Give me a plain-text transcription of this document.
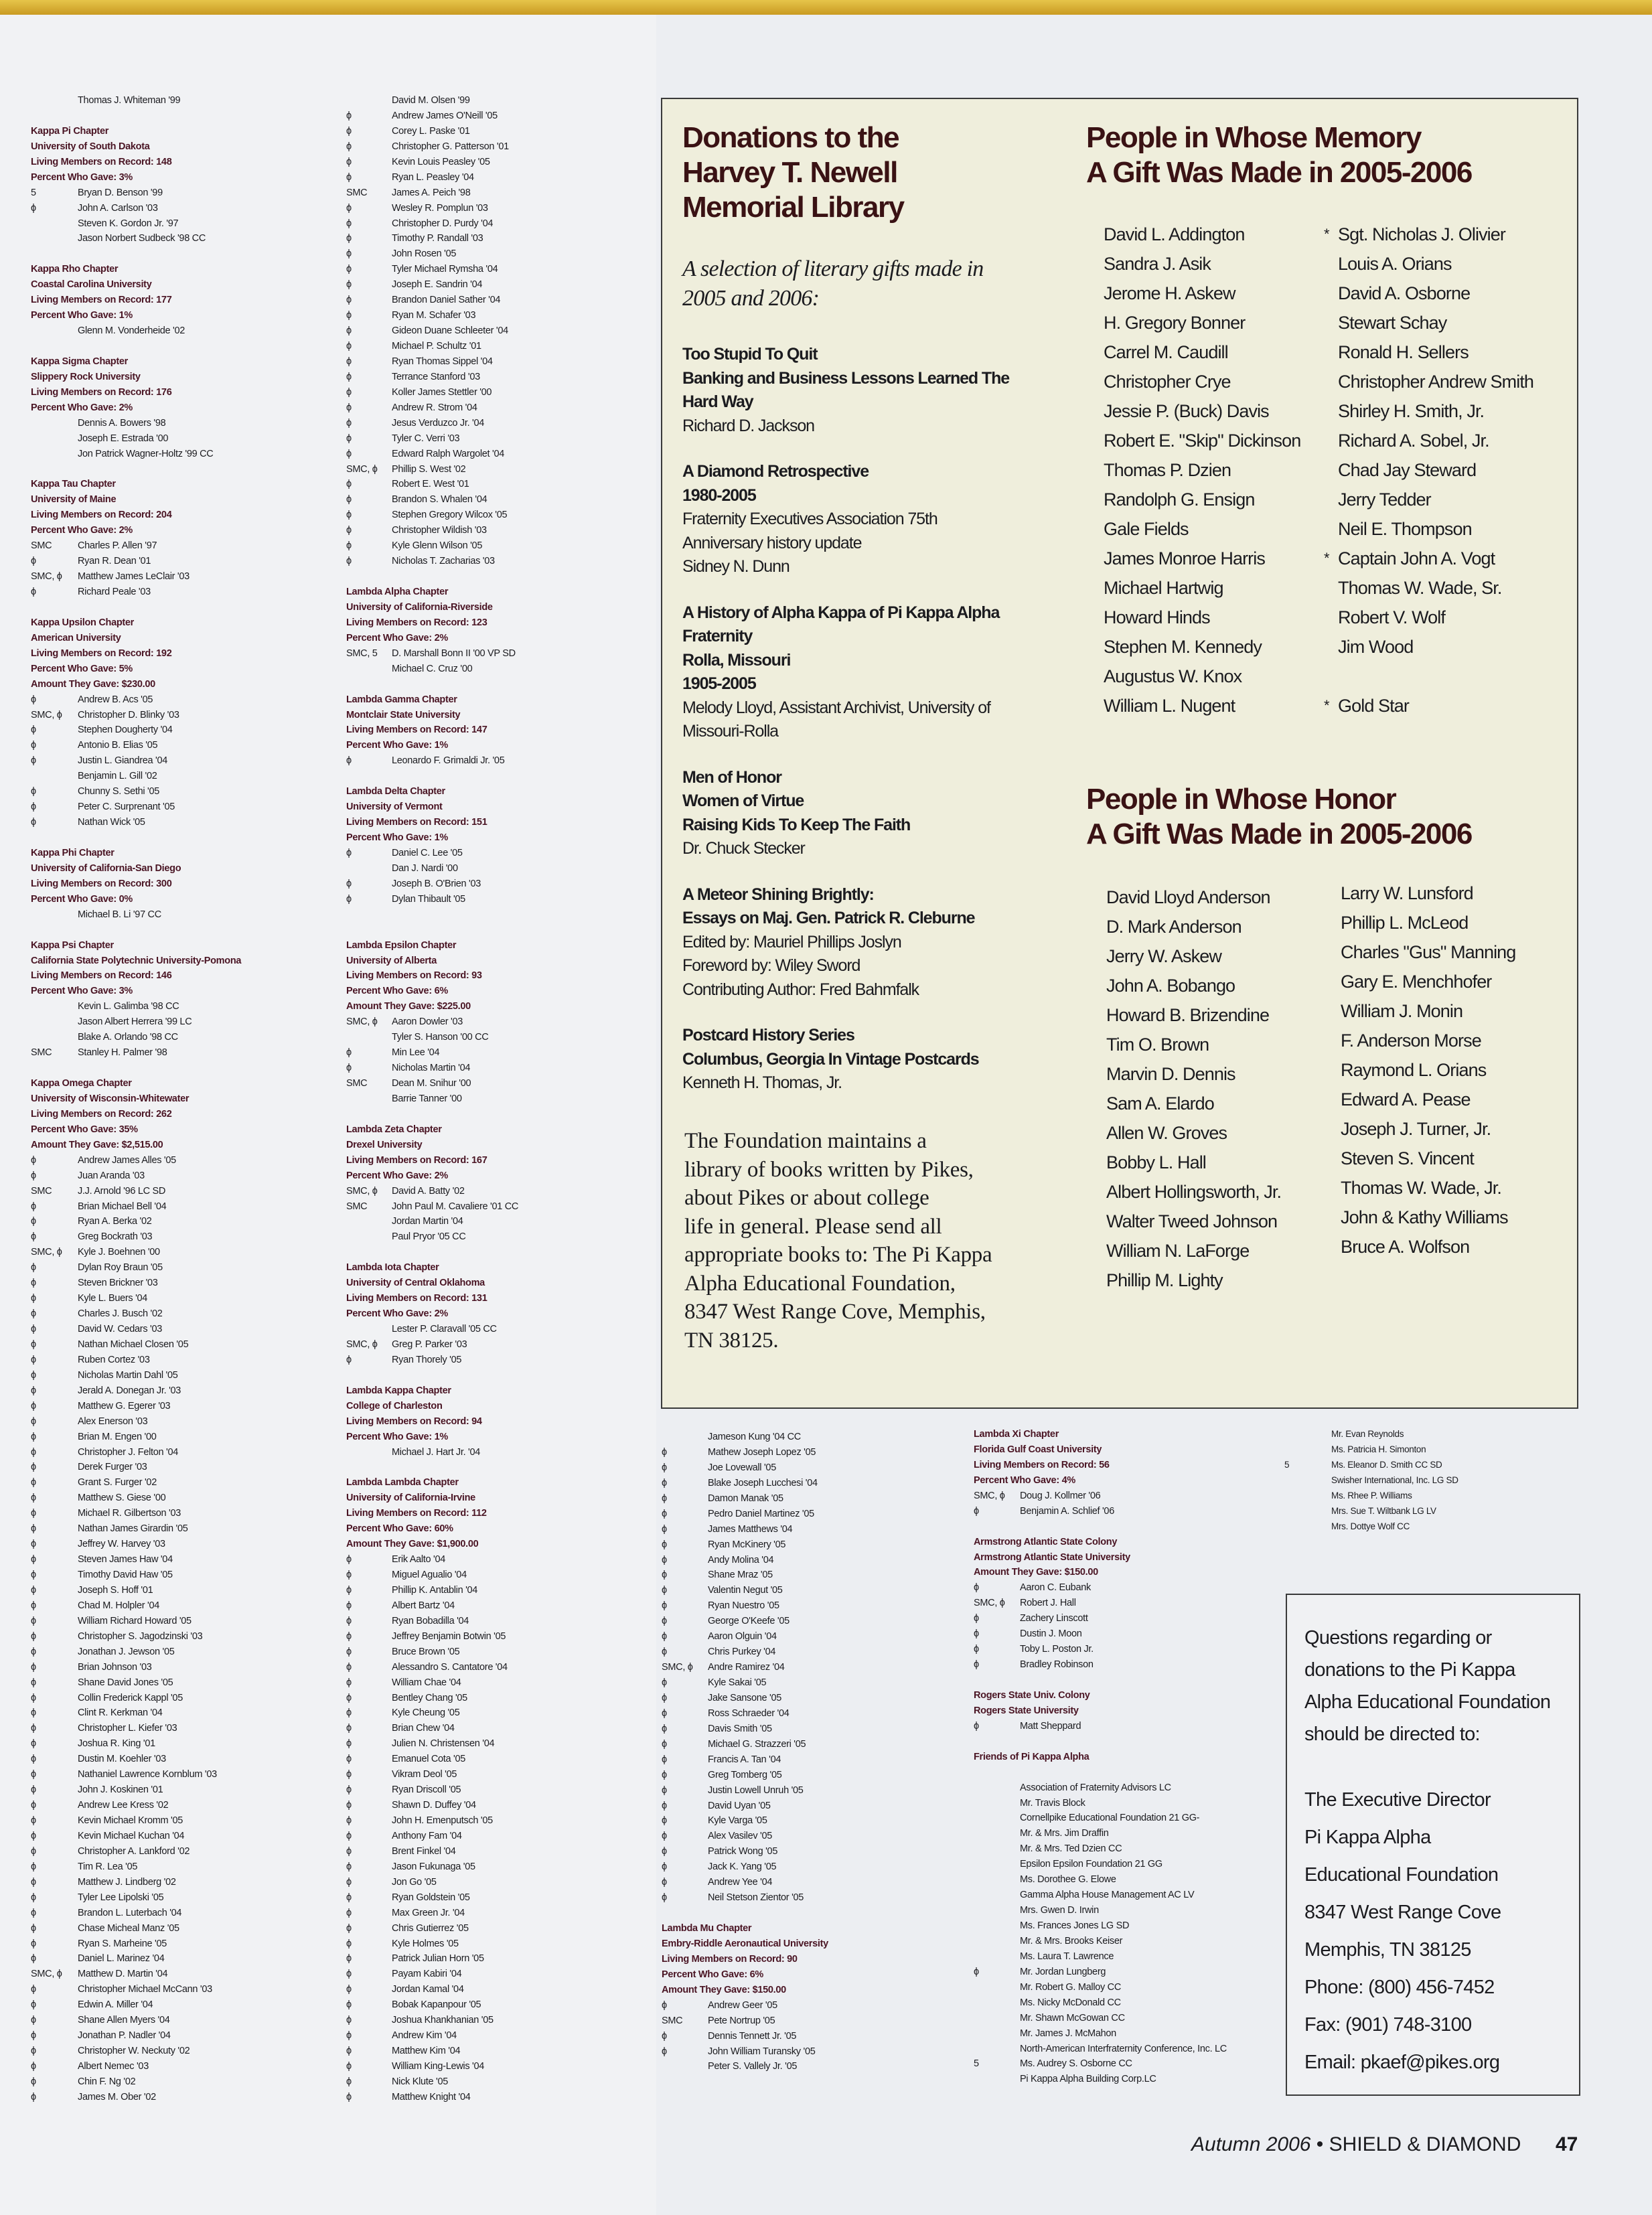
Thomas J. Whiteman '99
Kappa Pi Chapter
University of South Dakota
Living Members on Record: 148
Percent Who Gave: 3%
5	Bryan D. Benson '99
ϕ	John A. Carlson '03
Steven K. Gordon Jr. '97
Jason Norbert Sudbeck '98 CC
Kappa Rho Chapter
Coastal Carolina University
Living Members on Record: 177
Percent Who Gave: 1%
Glenn M. Vonderheide '02
Kappa Sigma Chapter
Slippery Rock University
Living Members on Record: 176
Percent Who Gave: 2%
Dennis A. Bowers '98
Joseph E. Estrada '00
Jon Patrick Wagner-Holtz '99 CC
Kappa Tau Chapter
University of Maine
Living Members on Record: 204
Percent Who Gave: 2%
SMC	Charles P. Allen '97
ϕ	Ryan R. Dean '01
SMC, ϕ Matthew James LeClair '03
ϕ	Richard Peale '03
Kappa Upsilon Chapter
American University
Living Members on Record: 192
Percent Who Gave: 5%
Amount They Gave: $230.00
ϕ	Andrew B. Acs '05
SMC, ϕ Christopher D. Blinky '03
ϕ	Stephen Dougherty '04
ϕ	Antonio B. Elias '05
ϕ	Justin L. Giandrea '04
Benjamin L. Gill '02
ϕ	Chunny S. Sethi '05
ϕ	Peter C. Surprenant '05
ϕ	Nathan Wick '05
Kappa Phi Chapter
University of California-San Diego
Living Members on Record: 300
Percent Who Gave: 0%
Michael B. Li '97 CC
Kappa Psi Chapter
California State Polytechnic University-Pomona
Living Members on Record: 146
Percent Who Gave: 3%
Kevin L. Galimba '98 CC
Jason Albert Herrera '99 LC
Blake A. Orlando '98 CC
SMC	Stanley H. Palmer '98
Kappa Omega Chapter
University of Wisconsin-Whitewater
Living Members on Record: 262
Percent Who Gave: 35%
Amount They Gave: $2,515.00
ϕ	Andrew James Alles '05
ϕ	Juan Aranda '03
SMC	J.J. Arnold '96 LC SD
ϕ	Brian Michael Bell '04
ϕ	Ryan A. Berka '02
ϕ	Greg Bockrath '03
SMC, ϕ Kyle J. Boehnen '00
ϕ	Dylan Roy Braun '05
ϕ	Steven Brickner '03
ϕ	Kyle L. Buers '04
ϕ	Charles J. Busch '02
ϕ	David W. Cedars '03
ϕ	Nathan Michael Closen '05
ϕ	Ruben Cortez '03
ϕ	Nicholas Martin Dahl '05
ϕ	Jerald A. Donegan Jr. '03
ϕ	Matthew G. Egerer '03
ϕ	Alex Enerson '03
ϕ	Brian M. Engen '00
ϕ	Christopher J. Felton '04
ϕ	Derek Furger '03
ϕ	Grant S. Furger '02
ϕ	Matthew S. Giese '00
ϕ	Michael R. Gilbertson '03
ϕ	Nathan James Girardin '05
ϕ	Jeffrey W. Harvey '03
ϕ	Steven James Haw '04
ϕ	Timothy David Haw '05
ϕ	Joseph S. Hoff '01
ϕ	Chad M. Holpler '04
ϕ	William Richard Howard '05
ϕ	Christopher S. Jagodzinski '03
ϕ	Jonathan J. Jewson '05
ϕ	Brian Johnson '03
ϕ	Shane David Jones '05
ϕ	Collin Frederick Kappl '05
ϕ	Clint R. Kerkman '04
ϕ	Christopher L. Kiefer '03
ϕ	Joshua R. King '01
ϕ	Dustin M. Koehler '03
ϕ	Nathaniel Lawrence Kornblum '03
ϕ	John J. Koskinen '01
ϕ	Andrew Lee Kress '02
ϕ	Kevin Michael Kromm '05
ϕ	Kevin Michael Kuchan '04
ϕ	Christopher A. Lankford '02
ϕ	Tim R. Lea '05
ϕ	Matthew J. Lindberg '02
ϕ	Tyler Lee Lipolski '05
ϕ	Brandon L. Luterbach '04
ϕ	Chase Micheal Manz '05
ϕ	Ryan S. Marheine '05
ϕ	Daniel L. Marinez '04
SMC, ϕ Matthew D. Martin '04
ϕ	Christopher Michael McCann '03
ϕ	Edwin A. Miller '04
ϕ	Shane Allen Myers '04
ϕ	Jonathan P. Nadler '04
ϕ	Christopher W. Neckuty '02
ϕ	Albert Nemec '03
ϕ	Chin F. Ng '02
ϕ	James M. Ober '02
David M. Olsen '99
ϕ	Andrew James O'Neill '05
ϕ	Corey L. Paske '01
ϕ	Christopher G. Patterson '01
ϕ	Kevin Louis Peasley '05
ϕ	Ryan L. Peasley '04
SMC	James A. Peich '98
ϕ	Wesley R. Pomplun '03
ϕ	Christopher D. Purdy '04
ϕ	Timothy P. Randall '03
ϕ	John Rosen '05
ϕ	Tyler Michael Rymsha '04
ϕ	Joseph E. Sandrin '04
ϕ	Brandon Daniel Sather '04
ϕ	Ryan M. Schafer '03
ϕ	Gideon Duane Schleeter '04
ϕ	Michael P. Schultz '01
ϕ	Ryan Thomas Sippel '04
ϕ	Terrance Stanford '03
ϕ	Koller James Stettler '00
ϕ	Andrew R. Strom '04
ϕ	Jesus Verduzco Jr. '04
ϕ	Tyler C. Verri '03
ϕ	Edward Ralph Wargolet '04
SMC, ϕ Phillip S. West '02
ϕ	Robert E. West '01
ϕ	Brandon S. Whalen '04
ϕ	Stephen Gregory Wilcox '05
ϕ	Christopher Wildish '03
ϕ	Kyle Glenn Wilson '05
ϕ	Nicholas T. Zacharias '03
Lambda Alpha Chapter
University of California-Riverside
Living Members on Record: 123
Percent Who Gave: 2%
SMC, 5 D. Marshall Bonn II '00 VP SD
Michael C. Cruz '00
Lambda Gamma Chapter
Montclair State University
Living Members on Record: 147
Percent Who Gave: 1%
ϕ	Leonardo F. Grimaldi Jr. '05
Lambda Delta Chapter
University of Vermont
Living Members on Record: 151
Percent Who Gave: 1%
ϕ	Daniel C. Lee '05
Dan J. Nardi '00
ϕ	Joseph B. O'Brien '03
ϕ	Dylan Thibault '05
Lambda Epsilon Chapter
University of Alberta
Living Members on Record: 93
Percent Who Gave: 6%
Amount They Gave: $225.00
SMC, ϕ Aaron Dowler '03
Tyler S. Hanson '00 CC
ϕ	Min Lee '04
ϕ	Nicholas Martin '04
SMC	Dean M. Snihur '00
Barrie Tanner '00
Lambda Zeta Chapter
Drexel University
Living Members on Record: 167
Percent Who Gave: 2%
SMC, ϕ David A. Batty '02
SMC	John Paul M. Cavaliere '01 CC
Jordan Martin '04
Paul Pryor '05 CC
Lambda Iota Chapter
University of Central Oklahoma
Living Members on Record: 131
Percent Who Gave: 2%
Lester P. Claravall '05 CC
SMC, ϕ Greg P. Parker '03
ϕ	Ryan Thorely '05
Lambda Kappa Chapter
College of Charleston
Living Members on Record: 94
Percent Who Gave: 1%
Michael J. Hart Jr. '04
Lambda Lambda Chapter
University of California-Irvine
Living Members on Record: 112
Percent Who Gave: 60%
Amount They Gave: $1,900.00
ϕ	Erik Aalto '04
ϕ	Miguel Agualio '04
ϕ	Phillip K. Antablin '04
ϕ	Albert Bartz '04
ϕ	Ryan Bobadilla '04
ϕ	Jeffrey Benjamin Botwin '05
ϕ	Bruce Brown '05
ϕ	Alessandro S. Cantatore '04
ϕ	William Chae '04
ϕ	Bentley Chang '05
ϕ	Kyle Cheung '05
ϕ	Brian Chew '04
ϕ	Julien N. Christensen '04
ϕ	Emanuel Cota '05
ϕ	Vikram Deol '05
ϕ	Ryan Driscoll '05
ϕ	Shawn D. Duffey '04
ϕ	John H. Emenputsch '05
ϕ	Anthony Fam '04
ϕ	Brent Finkel '04
ϕ	Jason Fukunaga '05
ϕ	Jon Go '05
ϕ	Ryan Goldstein '05
ϕ	Max Green Jr. '04
ϕ	Chris Gutierrez '05
ϕ	Kyle Holmes '05
ϕ	Patrick Julian Horn '05
ϕ	Payam Kabiri '04
ϕ	Jordan Kamal '04
ϕ	Bobak Kapanpour '05
ϕ	Joshua Khankhanian '05
ϕ	Andrew Kim '04
ϕ	Matthew Kim '04
ϕ	William King-Lewis '04
ϕ	Nick Klute '05
ϕ	Matthew Knight '04
Donations to the
Harvey T. Newell
Memorial Library
A selection of literary gifts made in
2005 and 2006:
Too Stupid To Quit
Banking and Business Lessons Learned The
Hard Way
Richard D. Jackson
A Diamond Retrospective
1980-2005
Fraternity Executives Association 75th
Anniversary history update
Sidney N. Dunn
A History of Alpha Kappa of Pi Kappa Alpha
Fraternity
Rolla, Missouri
1905-2005
Melody Lloyd, Assistant Archivist, University of
Missouri-Rolla
Men of Honor
Women of Virtue
Raising Kids To Keep The Faith
Dr. Chuck Stecker
A Meteor Shining Brightly:
Essays on Maj. Gen. Patrick R. Cleburne
Edited by: Mauriel Phillips Joslyn
Foreword by: Wiley Sword
Contributing Author: Fred Bahmfalk
Postcard History Series
Columbus, Georgia In Vintage Postcards
Kenneth H. Thomas, Jr.
The Foundation maintains a
library of books written by Pikes,
about Pikes or about college
life in general. Please send all
appropriate books to: The Pi Kappa
Alpha Educational Foundation,
8347 West Range Cove, Memphis,
TN 38125.
People in Whose Memory
A Gift Was Made in 2005-2006
David L. Addington
Sandra J. Asik
Jerome H. Askew
H. Gregory Bonner
Carrel M. Caudill
Christopher Crye
Jessie P. (Buck) Davis
Robert E. "Skip" Dickinson
Thomas P. Dzien
Randolph G. Ensign
Gale Fields
James Monroe Harris
Michael Hartwig
Howard Hinds
Stephen M. Kennedy
Augustus W. Knox
William L. Nugent
* Sgt. Nicholas J. Olivier
Louis A. Orians
David A. Osborne
Stewart Schay
Ronald H. Sellers
Christopher Andrew Smith
Shirley H. Smith, Jr.
Richard A. Sobel, Jr.
Chad Jay Steward
Jerry Tedder
Neil E. Thompson
* Captain John A. Vogt
Thomas W. Wade, Sr.
Robert V. Wolf
Jim Wood
* Gold Star
People in Whose Honor
A Gift Was Made in 2005-2006
David Lloyd Anderson
D. Mark Anderson
Jerry W. Askew
John A. Bobango
Howard B. Brizendine
Tim O. Brown
Marvin D. Dennis
Sam A. Elardo
Allen W. Groves
Bobby L. Hall
Albert Hollingsworth, Jr.
Walter Tweed Johnson
William N. LaForge
Phillip M. Lighty
Larry W. Lunsford
Phillip L. McLeod
Charles "Gus" Manning
Gary E. Menchhofer
William J. Monin
F. Anderson Morse
Raymond L. Orians
Edward A. Pease
Joseph J. Turner, Jr.
Steven S. Vincent
Thomas W. Wade, Jr.
John & Kathy Williams
Bruce A. Wolfson
Jameson Kung '04 CC
ϕ	Mathew Joseph Lopez '05
ϕ	Joe Lovewall '05
ϕ	Blake Joseph Lucchesi '04
ϕ	Damon Manak '05
ϕ	Pedro Daniel Martinez '05
ϕ	James Matthews '04
ϕ	Ryan McKinery '05
ϕ	Andy Molina '04
ϕ	Shane Mraz '05
ϕ	Valentin Negut '05
ϕ	Ryan Nuestro '05
ϕ	George O'Keefe '05
ϕ	Aaron Olguin '04
ϕ	Chris Purkey '04
SMC, ϕ Andre Ramirez '04
ϕ	Kyle Sakai '05
ϕ	Jake Sansone '05
ϕ	Ross Schraeder '04
ϕ	Davis Smith '05
ϕ	Michael G. Strazzeri '05
ϕ	Francis A. Tan '04
ϕ	Greg Tomberg '05
ϕ	Justin Lowell Unruh '05
ϕ	David Uyan '05
ϕ	Kyle Varga '05
ϕ	Alex Vasilev '05
ϕ	Patrick Wong '05
ϕ	Jack K. Yang '05
ϕ	Andrew Yee '04
ϕ	Neil Stetson Zientor '05
Lambda Mu Chapter
Embry-Riddle Aeronautical University
Living Members on Record: 90
Percent Who Gave: 6%
Amount They Gave: $150.00
ϕ	Andrew Geer '05
SMC	Pete Nortrup '05
ϕ	Dennis Tennett Jr. '05
ϕ	John William Turansky '05
Peter S. Vallely Jr. '05
Lambda Xi Chapter
Florida Gulf Coast University
Living Members on Record: 56
Percent Who Gave: 4%
SMC, ϕ Doug J. Kollmer '06
ϕ	Benjamin A. Schlief '06
Armstrong Atlantic State Colony
Armstrong Atlantic State University
Amount They Gave: $150.00
ϕ	Aaron C. Eubank
SMC, ϕ Robert J. Hall
ϕ	Zachery Linscott
ϕ	Dustin J. Moon
ϕ	Toby L. Poston Jr.
ϕ	Bradley Robinson
Rogers State Univ. Colony
Rogers State University
ϕ	Matt Sheppard
Friends of Pi Kappa Alpha
Association of Fraternity Advisors LC
Mr. Travis Block
Cornellpike Educational Foundation 21 GG-
Mr. & Mrs. Jim Draffin
Mr. & Mrs. Ted Dzien CC
Epsilon Epsilon Foundation 21 GG
Ms. Dorothee G. Elowe
Gamma Alpha House Management AC LV
Mrs. Gwen D. Irwin
Ms. Frances Jones LG SD
Mr. & Mrs. Brooks Keiser
Ms. Laura T. Lawrence
ϕ	Mr. Jordan Lungberg
Mr. Robert G. Malloy CC
Ms. Nicky McDonald CC
Mr. Shawn McGowan CC
Mr. James J. McMahon
North-American Interfraternity Conference, Inc. LC
5	Ms. Audrey S. Osborne CC
Pi Kappa Alpha Building Corp.LC
Mr. Evan Reynolds
Ms. Patricia H. Simonton
5	Ms. Eleanor D. Smith CC SD
Swisher International, Inc. LG SD
Ms. Rhee P. Williams
Mrs. Sue T. Wiltbank LG LV
Mrs. Dottye Wolf CC
Questions regarding or
donations to the Pi Kappa
Alpha Educational Foundation
should be directed to:
The Executive Director
Pi Kappa Alpha
Educational Foundation
8347 West Range Cove
Memphis, TN 38125
Phone: (800) 456-7452
Fax: (901) 748-3100
Email: pkaef@pikes.org
Autumn 2006 • SHIELD & DIAMOND 47
